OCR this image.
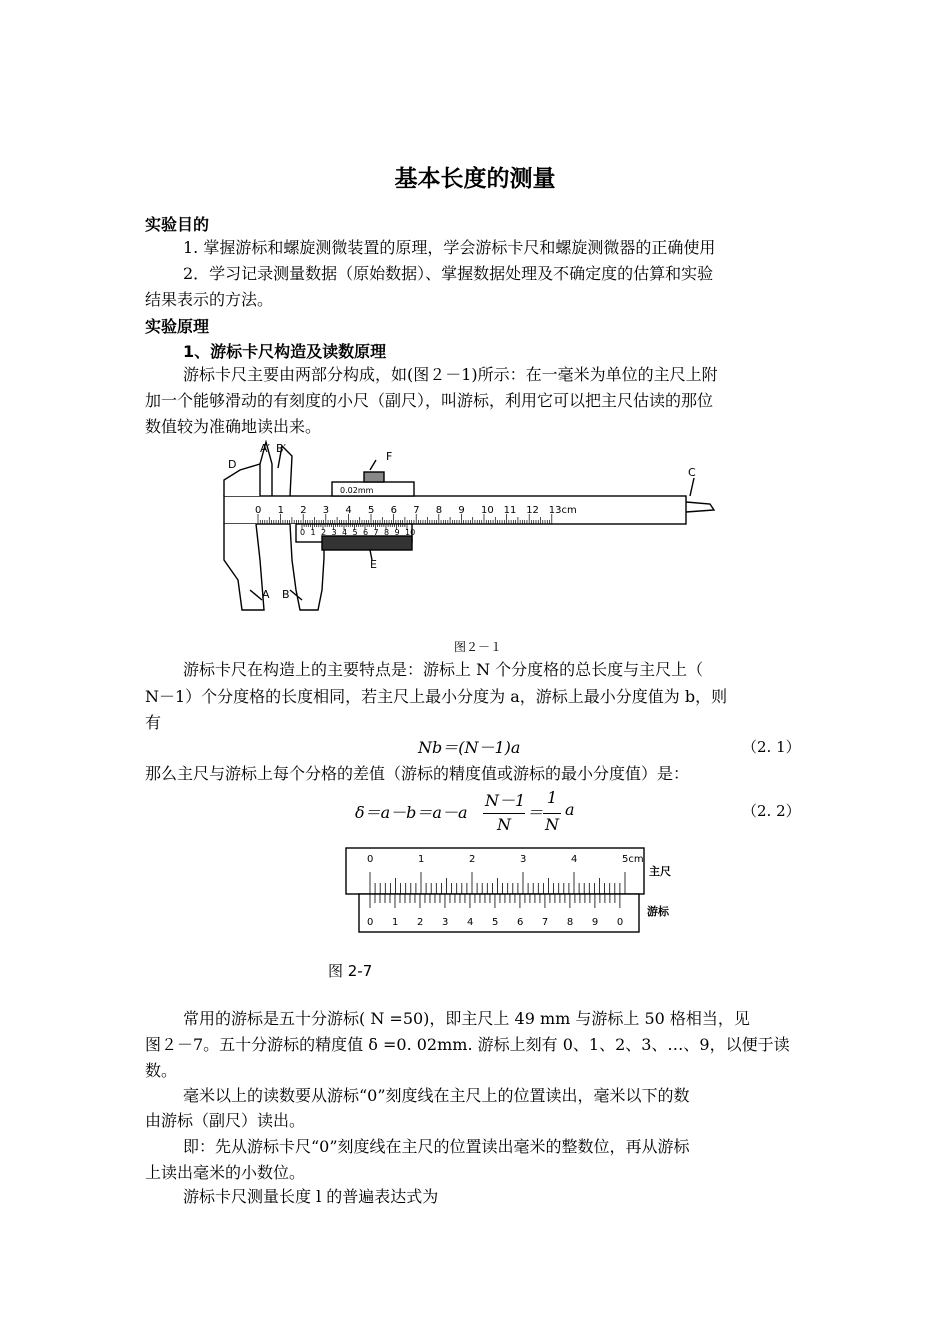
基本长度的测量
实验目的
1. 掌握游标和螺旋测微装置的原理，学会游标卡尺和螺旋测微器的正确使用
2．学习记录测量数据（原始数据）、掌握数据处理及不确定度的估算和实验
结果表示的方法。
实验原理
1、游标卡尺构造及读数原理
游标卡尺主要由两部分构成，如(图２－1)所示：在一毫米为单位的主尺上附
加一个能够滑动的有刻度的小尺（副尺），叫游标，利用它可以把主尺估读的那位
数值较为准确地读出来。
D
A′ B′
F
C
E
A B
0.02mm
0 1 2 3 4 5 6 7 8 9 10 11 12 13cm
0 1 2 3 4 5 6 7 8 9 10
图２－１
游标卡尺在构造上的主要特点是：游标上 N 个分度格的总长度与主尺上（
N－1）个分度格的长度相同，若主尺上最小分度为 a，游标上最小分度值为 b，则
有
Nb＝(N－1)a	（2. 1）
那么主尺与游标上每个分格的差值（游标的精度值或游标的最小分度值）是：
δ＝a－b＝a－a
N－1
N
＝
1
N
a	（2. 2）
0	1	2	3	4	5cm
0 1 2 3 4 5 6 7 8 9 0
主尺
游标
图 2-7
常用的游标是五十分游标( N =50)，即主尺上 49 mm 与游标上 50 格相当，见
图２－7。五十分游标的精度值 δ =0. 02mm. 游标上刻有 0、1、2、3、…、9，以便于读
数。
毫米以上的读数要从游标“0”刻度线在主尺上的位置读出，毫米以下的数
由游标（副尺）读出。
即：先从游标卡尺“0”刻度线在主尺的位置读出毫米的整数位，再从游标
上读出毫米的小数位。
游标卡尺测量长度 l 的普遍表达式为
